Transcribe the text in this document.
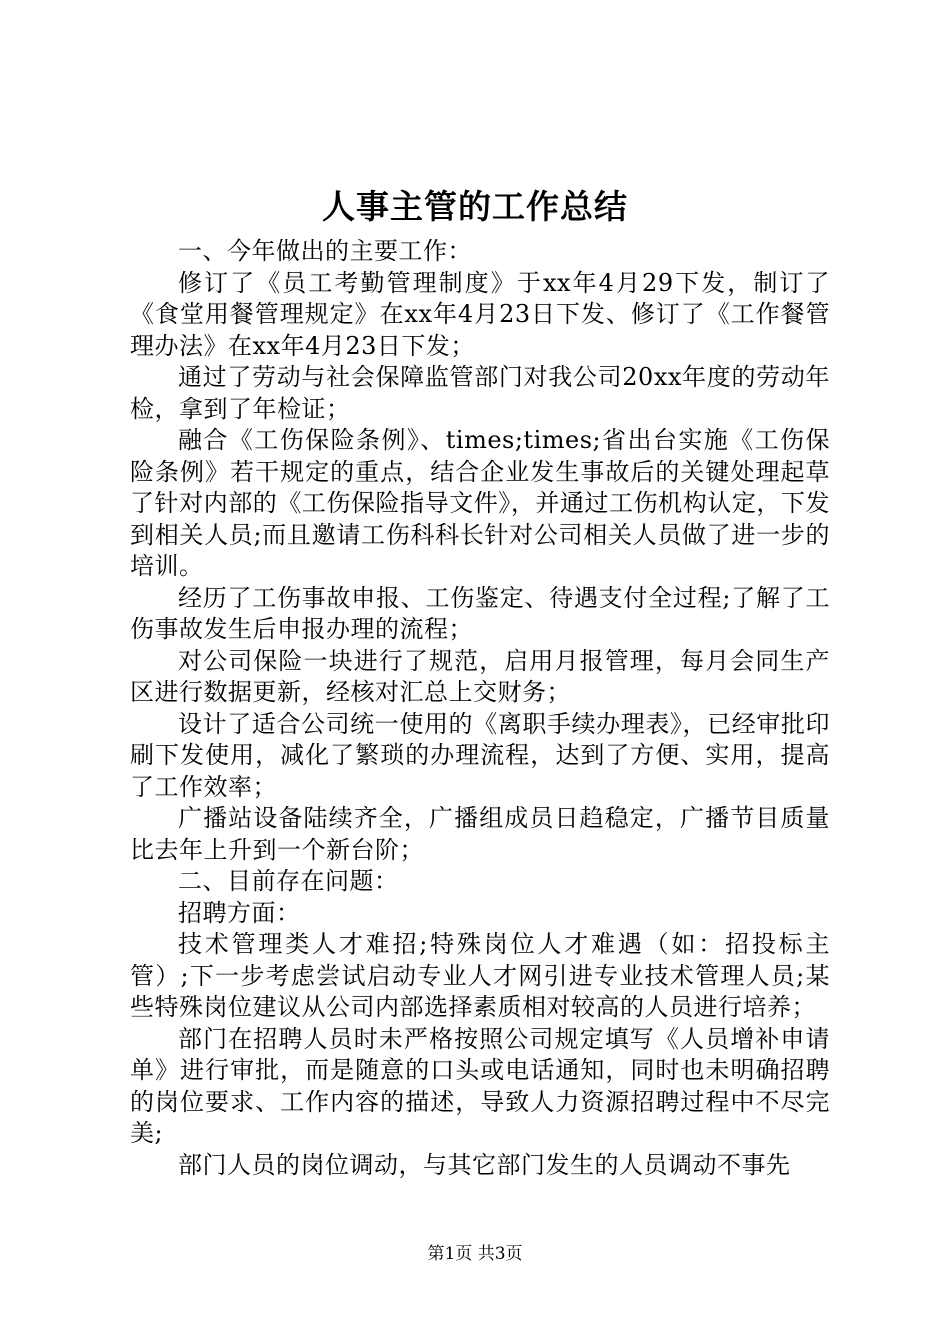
人事主管的工作总结

一、今年做出的主要工作：

修订了《员工考勤管理制度》于xx年4月29下发，制订了《食堂用餐管理规定》在xx年4月23日下发、修订了《工作餐管理办法》在xx年4月23日下发；

通过了劳动与社会保障监管部门对我公司20xx年度的劳动年检，拿到了年检证；

融合《工伤保险条例》、times;times;省出台实施《工伤保险条例》若干规定的重点，结合企业发生事故后的关键处理起草了针对内部的《工伤保险指导文件》，并通过工伤机构认定，下发到相关人员;而且邀请工伤科科长针对公司相关人员做了进一步的培训。

经历了工伤事故申报、工伤鉴定、待遇支付全过程;了解了工伤事故发生后申报办理的流程；

对公司保险一块进行了规范，启用月报管理，每月会同生产区进行数据更新，经核对汇总上交财务；

设计了适合公司统一使用的《离职手续办理表》，已经审批印刷下发使用，减化了繁琐的办理流程，达到了方便、实用，提高了工作效率；

广播站设备陆续齐全，广播组成员日趋稳定，广播节目质量比去年上升到一个新台阶；

二、目前存在问题：

招聘方面：

技术管理类人才难招;特殊岗位人才难遇（如：招投标主管）;下一步考虑尝试启动专业人才网引进专业技术管理人员;某些特殊岗位建议从公司内部选择素质相对较高的人员进行培养；

部门在招聘人员时未严格按照公司规定填写《人员增补申请单》进行审批，而是随意的口头或电话通知，同时也未明确招聘的岗位要求、工作内容的描述，导致人力资源招聘过程中不尽完美;

部门人员的岗位调动，与其它部门发生的人员调动不事先

第1页 共3页
